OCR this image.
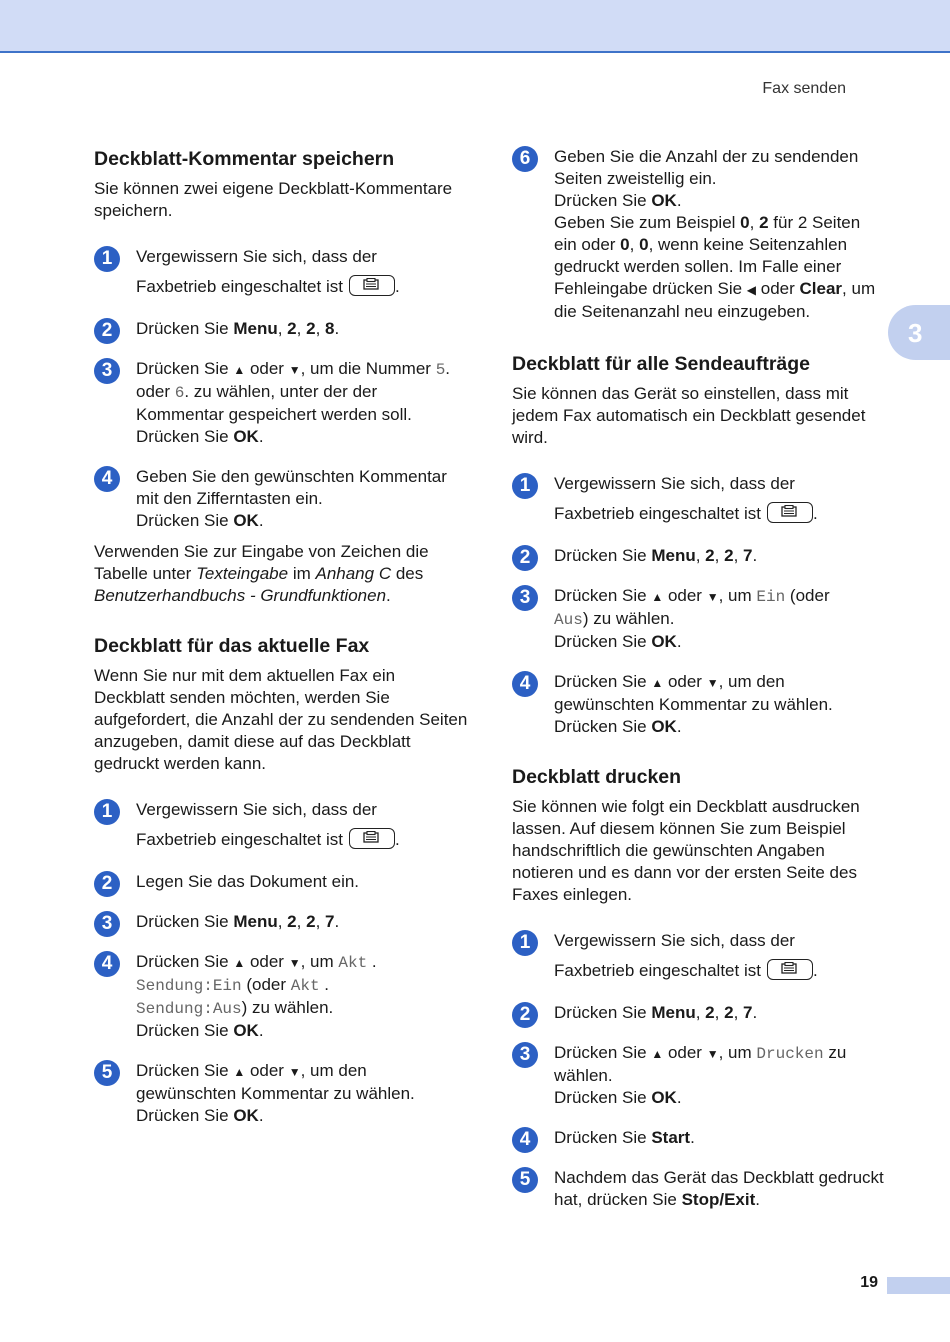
Fax senden
3
Deckblatt-Kommentar speichern

Sie können zwei eigene Deckblatt-Kommentare speichern.

1	Vergewissern Sie sich, dass der
Faxbetrieb eingeschaltet ist	.
2	Drücken Sie Menu, 2, 2, 8.
3	Drücken Sie ▲ oder ▼, um die Nummer 5. oder 6. zu wählen, unter der der Kommentar gespeichert werden soll.
Drücken Sie OK.
4	Geben Sie den gewünschten Kommentar mit den Zifferntasten ein.
Drücken Sie OK.

Verwenden Sie zur Eingabe von Zeichen die Tabelle unter Texteingabe im Anhang C des Benutzerhandbuchs - Grundfunktionen.

Deckblatt für das aktuelle Fax

Wenn Sie nur mit dem aktuellen Fax ein Deckblatt senden möchten, werden Sie aufgefordert, die Anzahl der zu sendenden Seiten anzugeben, damit diese auf das Deckblatt gedruckt werden kann.

1	Vergewissern Sie sich, dass der
Faxbetrieb eingeschaltet ist	.
2	Legen Sie das Dokument ein.
3	Drücken Sie Menu, 2, 2, 7.
4	Drücken Sie ▲ oder ▼, um Akt .
Sendung:Ein (oder Akt .
Sendung:Aus) zu wählen.
Drücken Sie OK.
5	Drücken Sie ▲ oder ▼, um den gewünschten Kommentar zu wählen.
Drücken Sie OK.
6	Geben Sie die Anzahl der zu sendenden Seiten zweistellig ein.
Drücken Sie OK.
Geben Sie zum Beispiel 0, 2 für 2 Seiten ein oder 0, 0, wenn keine Seitenzahlen gedruckt werden sollen. Im Falle einer Fehleingabe drücken Sie ◀ oder Clear, um die Seitenanzahl neu einzugeben.
Deckblatt für alle Sendeaufträge

Sie können das Gerät so einstellen, dass mit jedem Fax automatisch ein Deckblatt gesendet wird.

1	Vergewissern Sie sich, dass der
Faxbetrieb eingeschaltet ist	.
2	Drücken Sie Menu, 2, 2, 7.
3	Drücken Sie ▲ oder ▼, um Ein (oder
Aus) zu wählen.
Drücken Sie OK.
4	Drücken Sie ▲ oder ▼, um den gewünschten Kommentar zu wählen.
Drücken Sie OK.
Deckblatt drucken

Sie können wie folgt ein Deckblatt ausdrucken lassen. Auf diesem können Sie zum Beispiel handschriftlich die gewünschten Angaben notieren und es dann vor der ersten Seite des Faxes einlegen.

1	Vergewissern Sie sich, dass der
Faxbetrieb eingeschaltet ist	.
2	Drücken Sie Menu, 2, 2, 7.
3	Drücken Sie ▲ oder ▼, um Drucken zu wählen.
Drücken Sie OK.
4	Drücken Sie Start.
5	Nachdem das Gerät das Deckblatt gedruckt hat, drücken Sie Stop/Exit.
19
